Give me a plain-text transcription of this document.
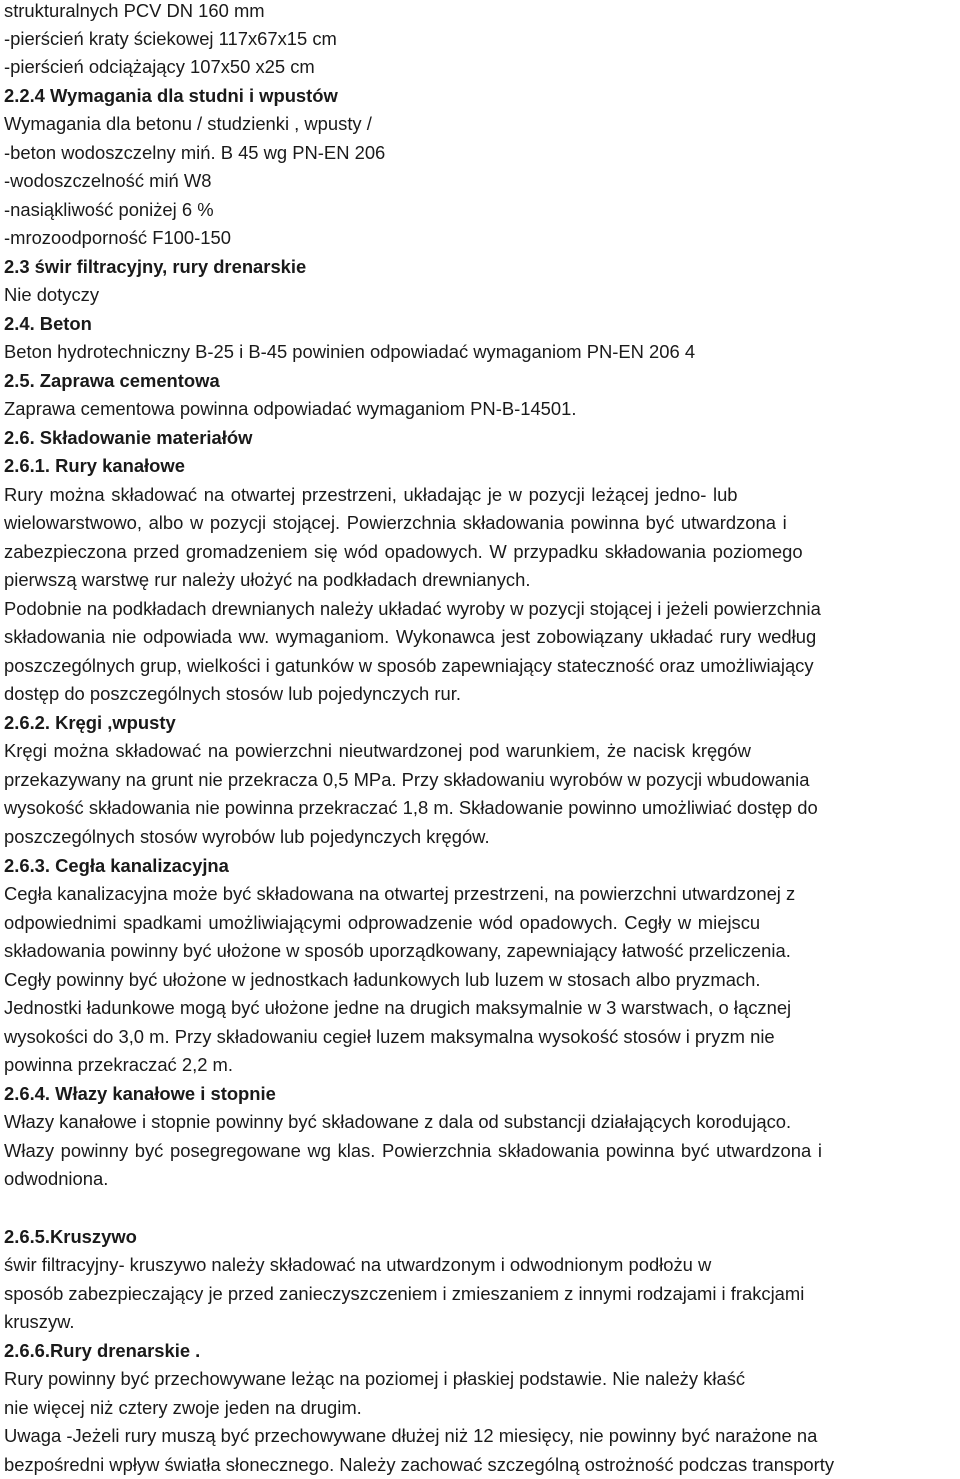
strukturalnych PCV DN 160 mm
-pierścień kraty ściekowej 117x67x15 cm
-pierścień odciążający 107x50 x25 cm
2.2.4 Wymagania dla studni i wpustów
Wymagania dla betonu / studzienki , wpusty /
-beton wodoszczelny miń. B 45 wg PN-EN 206
-wodoszczelność miń W8
-nasiąkliwość poniżej 6 %
-mrozoodporność F100-150
2.3 świr filtracyjny, rury drenarskie
Nie dotyczy
2.4. Beton
Beton hydrotechniczny B-25 i B-45 powinien odpowiadać wymaganiom PN-EN 206 4
2.5. Zaprawa cementowa
Zaprawa cementowa powinna odpowiadać wymaganiom PN-B-14501.
2.6. Składowanie materiałów
2.6.1. Rury kanałowe
Rury można składować na otwartej przestrzeni, układając je w pozycji leżącej jedno- lub
wielowarstwowo, albo w pozycji stojącej. Powierzchnia składowania powinna być utwardzona i
zabezpieczona przed gromadzeniem się wód opadowych. W przypadku składowania poziomego
pierwszą warstwę rur należy ułożyć na podkładach drewnianych.
Podobnie na podkładach drewnianych należy układać wyroby w pozycji stojącej i jeżeli powierzchnia
składowania nie odpowiada ww. wymaganiom. Wykonawca jest zobowiązany układać rury według
poszczególnych grup, wielkości i gatunków w sposób zapewniający stateczność oraz umożliwiający
dostęp do poszczególnych stosów lub pojedynczych rur.
2.6.2. Kręgi ,wpusty
Kręgi można składować na powierzchni nieutwardzonej pod warunkiem, że nacisk kręgów
przekazywany na grunt nie przekracza 0,5 MPa. Przy składowaniu wyrobów w pozycji wbudowania
wysokość składowania nie powinna przekraczać 1,8 m. Składowanie powinno umożliwiać dostęp do
poszczególnych stosów wyrobów lub pojedynczych kręgów.
2.6.3. Cegła kanalizacyjna
Cegła kanalizacyjna może być składowana na otwartej przestrzeni, na powierzchni utwardzonej z
odpowiednimi spadkami umożliwiającymi odprowadzenie wód opadowych. Cegły w miejscu
składowania powinny być ułożone w sposób uporządkowany, zapewniający łatwość przeliczenia.
Cegły powinny być ułożone w jednostkach ładunkowych lub luzem w stosach albo pryzmach.
Jednostki ładunkowe mogą być ułożone jedne na drugich maksymalnie w 3 warstwach, o łącznej
wysokości do 3,0 m. Przy składowaniu cegieł luzem maksymalna wysokość stosów i pryzm nie
powinna przekraczać 2,2 m.
2.6.4. Włazy kanałowe i stopnie
Włazy kanałowe i stopnie powinny być składowane z dala od substancji działających korodująco.
Włazy powinny być posegregowane wg klas. Powierzchnia składowania powinna być utwardzona i
odwodniona.
2.6.5.Kruszywo
świr filtracyjny- kruszywo należy składować na utwardzonym i odwodnionym podłożu w
sposób zabezpieczający je przed zanieczyszczeniem i zmieszaniem z innymi rodzajami i frakcjami
kruszyw.
2.6.6.Rury drenarskie .
Rury powinny być przechowywane leżąc na poziomej i płaskiej podstawie. Nie należy kłaść
nie więcej niż cztery zwoje jeden na drugim.
Uwaga -Jeżeli rury muszą być przechowywane dłużej niż 12 miesięcy, nie powinny być narażone na
bezpośredni wpływ światła słonecznego. Należy zachować szczególną ostrożność podczas transporty
